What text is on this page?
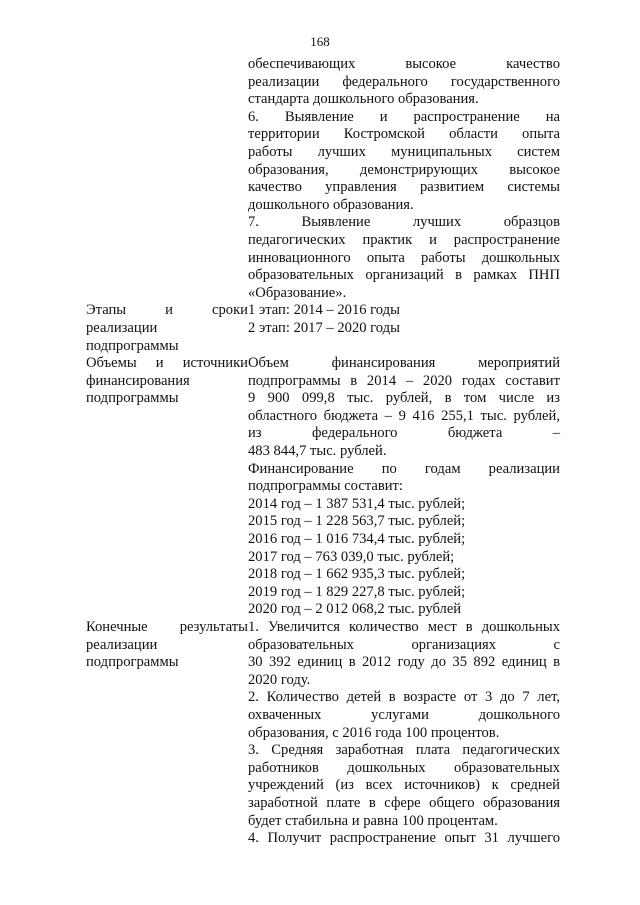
168
обеспечивающих высокое качество
реализации федерального государственного
стандарта дошкольного образования.
6. Выявление и распространение на
территории Костромской области опыта
работы лучших муниципальных систем
образования, демонстрирующих высокое
качество управления развитием системы
дошкольного образования.
7. Выявление лучших образцов
педагогических практик и распространение
инновационного опыта работы дошкольных
образовательных организаций в рамках ПНП
«Образование».
Этапы и сроки
реализации
подпрограммы
1 этап: 2014 – 2016 годы
2 этап: 2017 – 2020 годы
Объемы и источники
финансирования
подпрограммы
Объем финансирования мероприятий
подпрограммы в 2014 – 2020 годах составит
9 900 099,8 тыс. рублей, в том числе из
областного бюджета – 9 416 255,1 тыс. рублей,
из федерального бюджета –
483 844,7 тыс. рублей.
Финансирование по годам реализации
подпрограммы составит:
2014 год – 1 387 531,4 тыс. рублей;
2015 год – 1 228 563,7 тыс. рублей;
2016 год – 1 016 734,4 тыс. рублей;
2017 год – 763 039,0 тыс. рублей;
2018 год – 1 662 935,3 тыс. рублей;
2019 год – 1 829 227,8 тыс. рублей;
2020 год – 2 012 068,2 тыс. рублей
Конечные результаты
реализации
подпрограммы
1. Увеличится количество мест в дошкольных
образовательных организациях с
30 392 единиц в 2012 году до 35 892 единиц в
2020 году.
2. Количество детей в возрасте от 3 до 7 лет,
охваченных услугами дошкольного
образования, с 2016 года 100 процентов.
3. Средняя заработная плата педагогических
работников дошкольных образовательных
учреждений (из всех источников) к средней
заработной плате в сфере общего образования
будет стабильна и равна 100 процентам.
4. Получит распространение опыт 31 лучшего
